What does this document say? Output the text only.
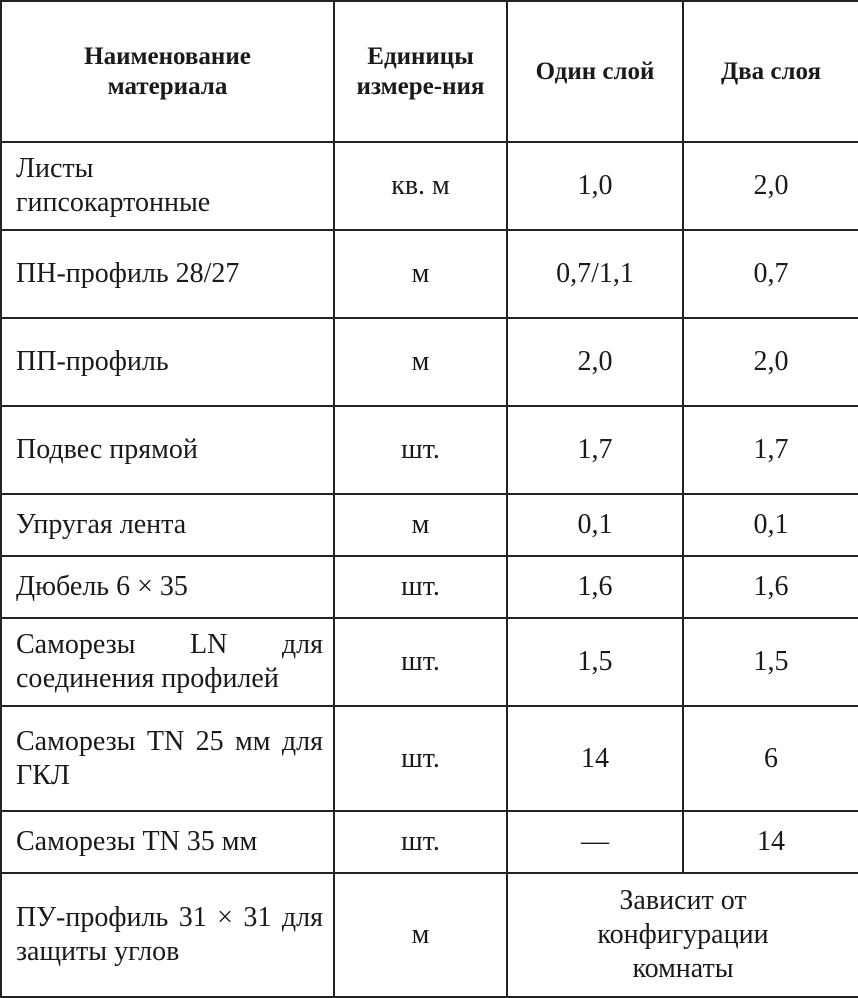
Наименование материала	Единицы измере-ния	Один слой	Два слоя

Листы гипсокартонные	кв. м	1,0	2,0
ПН-профиль 28/27	м	0,7/1,1	0,7
ПП-профиль	м	2,0	2,0
Подвес прямой	шт.	1,7	1,7
Упругая лента	м	0,1	0,1
Дюбель 6 × 35	шт.	1,6	1,6
Саморезы LN для соединения профилей	шт.	1,5	1,5
Саморезы TN 25 мм для ГКЛ	шт.	14	6
Саморезы TN 35 мм	шт.	—	14
ПУ-профиль 31 × 31 для защиты углов	м	Зависит от конфигурации комнаты	
